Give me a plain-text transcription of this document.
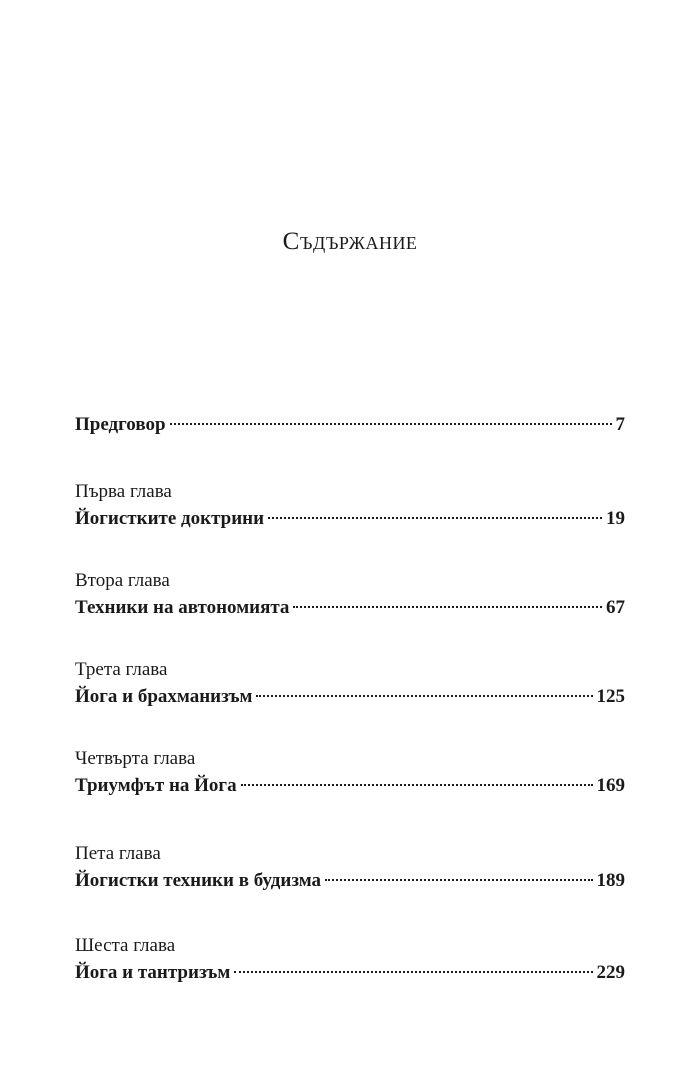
Съдържание
Предговор	7
Първа глава
Йогистките доктрини	19
Втора глава
Техники на автономията	67
Трета глава
Йога и брахманизъм	125
Четвърта глава
Триумфът на Йога	169
Пета глава
Йогистки техники в будизма	189
Шеста глава
Йога и тантризъм	229
